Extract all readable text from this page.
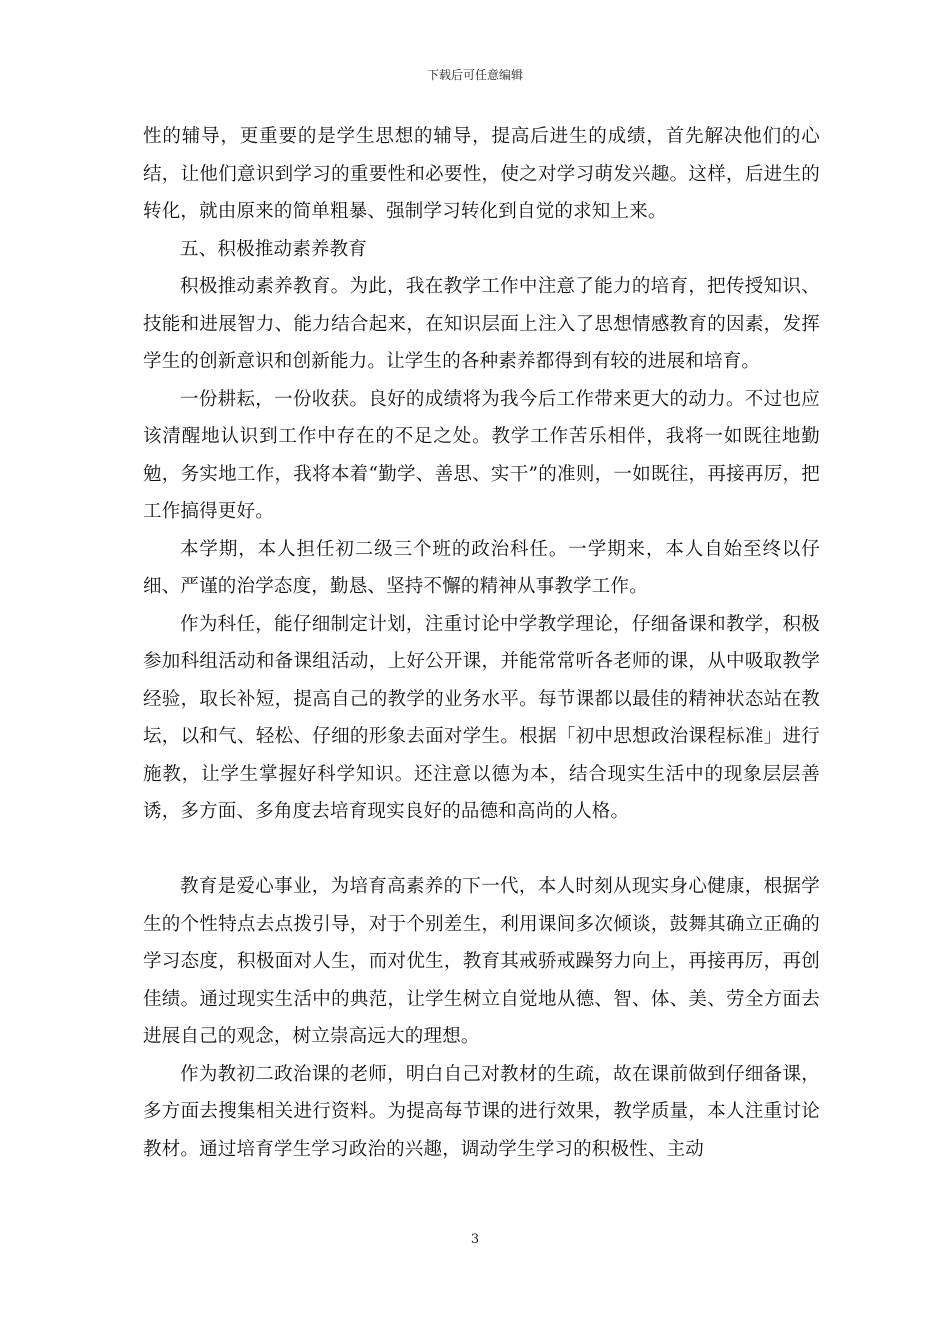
下载后可任意编辑

性的辅导，更重要的是学生思想的辅导，提高后进生的成绩，首先解决他们的心结，让他们意识到学习的重要性和必要性，使之对学习萌发兴趣。这样，后进生的转化，就由原来的简单粗暴、强制学习转化到自觉的求知上来。

五、积极推动素养教育

积极推动素养教育。为此，我在教学工作中注意了能力的培育，把传授知识、技能和进展智力、能力结合起来，在知识层面上注入了思想情感教育的因素，发挥学生的创新意识和创新能力。让学生的各种素养都得到有较的进展和培育。

一份耕耘，一份收获。良好的成绩将为我今后工作带来更大的动力。不过也应该清醒地认识到工作中存在的不足之处。教学工作苦乐相伴，我将一如既往地勤勉，务实地工作，我将本着“勤学、善思、实干”的准则，一如既往，再接再厉，把工作搞得更好。

本学期，本人担任初二级三个班的政治科任。一学期来，本人自始至终以仔细、严谨的治学态度，勤恳、坚持不懈的精神从事教学工作。

作为科任，能仔细制定计划，注重讨论中学教学理论，仔细备课和教学，积极参加科组活动和备课组活动，上好公开课，并能常常听各老师的课，从中吸取教学经验，取长补短，提高自己的教学的业务水平。每节课都以最佳的精神状态站在教坛，以和气、轻松、仔细的形象去面对学生。根据「初中思想政治课程标准」进行施教，让学生掌握好科学知识。还注意以德为本，结合现实生活中的现象层层善诱，多方面、多角度去培育现实良好的品德和高尚的人格。

教育是爱心事业，为培育高素养的下一代，本人时刻从现实身心健康，根据学生的个性特点去点拨引导，对于个别差生，利用课间多次倾谈，鼓舞其确立正确的学习态度，积极面对人生，而对优生，教育其戒骄戒躁努力向上，再接再厉，再创佳绩。通过现实生活中的典范，让学生树立自觉地从德、智、体、美、劳全方面去进展自己的观念，树立崇高远大的理想。

作为教初二政治课的老师，明白自己对教材的生疏，故在课前做到仔细备课，多方面去搜集相关进行资料。为提高每节课的进行效果，教学质量，本人注重讨论教材。通过培育学生学习政治的兴趣，调动学生学习的积极性、主动

3
